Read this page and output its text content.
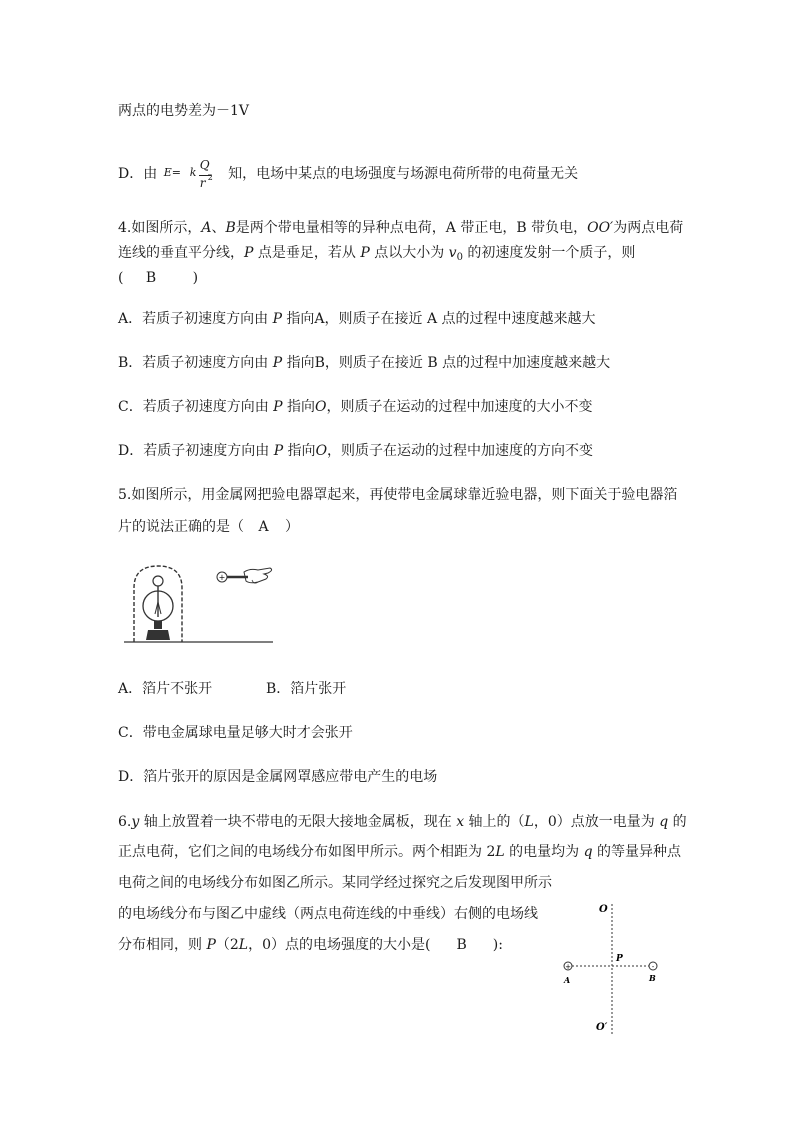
两点的电势差为－1V
D．由 E = k
Q
r 2 知，电场中某点的电场强度与场源电荷所带的电荷量无关
4.如图所示，A、B是两个带电量相等的异种点电荷，A 带正电，B 带负电，OO′为两点电荷
连线的垂直平分线，P 点是垂足，若从 P 点以大小为 $v_0$ 的初速度发射一个质子，则
( B	)
A．若质子初速度方向由 P 指向A，则质子在接近 A 点的过程中速度越来越大
B．若质子初速度方向由 P 指向B，则质子在接近 B 点的过程中加速度越来越大
C．若质子初速度方向由 P 指向O，则质子在运动的过程中加速度的大小不变
D．若质子初速度方向由 P 指向O，则质子在运动的过程中加速度的方向不变
5.如图所示，用金属网把验电器罩起来，再使带电金属球靠近验电器，则下面关于验电器箔
片的说法正确的是（ A ）
+
A．箔片不张开	B．箔片张开
C．带电金属球电量足够大时才会张开
D．箔片张开的原因是金属网罩感应带电产生的电场
6.y 轴上放置着一块不带电的无限大接地金属板，现在 x 轴上的（L，0）点放一电量为 q 的
正点电荷，它们之间的电场线分布如图甲所示。两个相距为 2L 的电量均为 q 的等量异种点
电荷之间的电场线分布如图乙所示。某同学经过探究之后发现图甲所示
的电场线分布与图乙中虚线（两点电荷连线的中垂线）右侧的电场线
分布相同，则 P（2L，0）点的电场强度的大小是( B ):
O
+	-
P
A	B
O′
